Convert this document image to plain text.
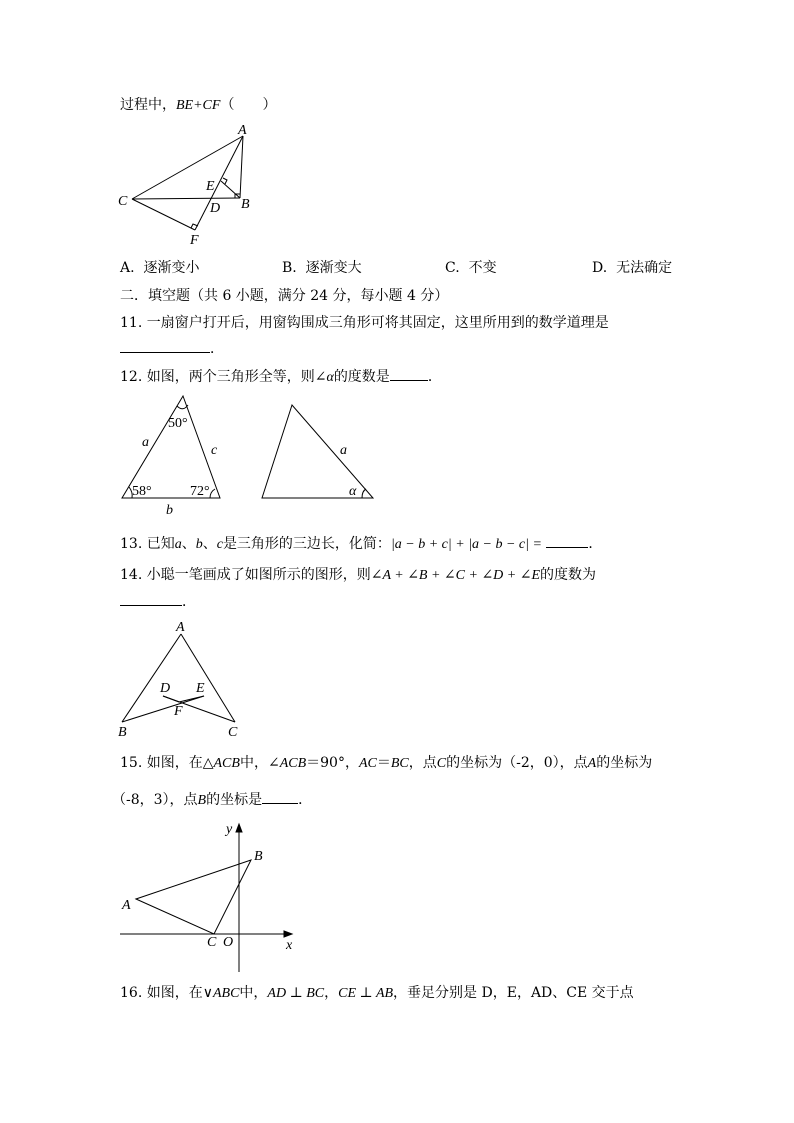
过程中，BE+CF（　　）
A
E
C	D B
F
A. 逐渐变小	B. 逐渐变大	C. 不变	D. 无法确定
二．填空题（共 6 小题，满分 24 分，每小题 4 分）
11. 一扇窗户打开后，用窗钩围成三角形可将其固定，这里所用到的数学道理是
．
12. 如图，两个三角形全等，则∠α的度数是	．
50°
a
c
58°	72°
b
a
α
13. 已知a、b、c是三角形的三边长，化简：|a − b + c| + |a − b − c| =	．
14. 小聪一笔画成了如图所示的图形，则∠A + ∠B + ∠C + ∠D + ∠E的度数为
．
A
D E
F
B	C
15. 如图，在△ACB中，∠ACB＝90°，AC＝BC，点C的坐标为（-2，0），点A的坐标为
（-8，3），点B的坐标是	．
y
B
A
C O	x
16. 如图，在∨ABC中，AD ⊥ BC，CE ⊥ AB，垂足分别是 D，E，AD、CE 交于点
